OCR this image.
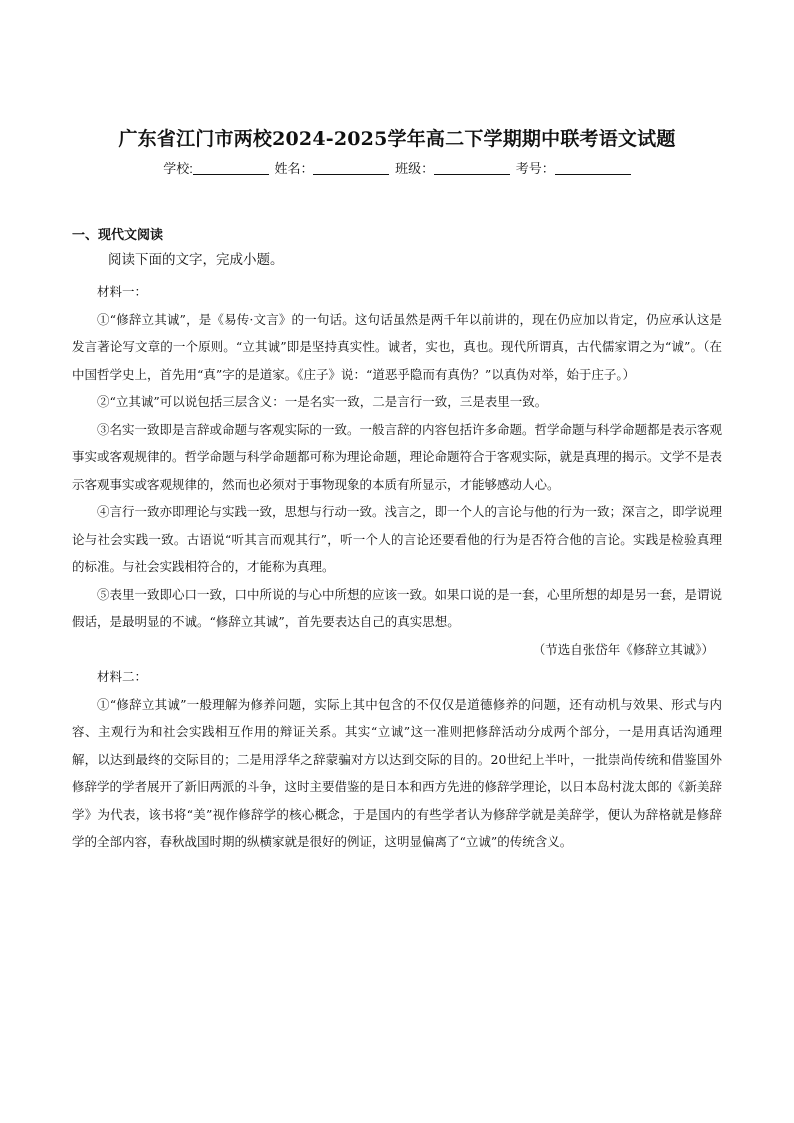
广东省江门市两校2024-2025学年高二下学期期中联考语文试题
学校:	姓名：	班级：	考号：
一、现代文阅读
阅读下面的文字，完成小题。

材料一：

①“修辞立其诚”，是《易传·文言》的一句话。这句话虽然是两千年以前讲的，现在仍应加以肯定，仍应承认这是发言著论写文章的一个原则。“立其诚”即是坚持真实性。诚者，实也，真也。现代所谓真，古代儒家谓之为“诚”。（在中国哲学史上，首先用“真”字的是道家。《庄子》说：“道恶乎隐而有真伪？”以真伪对举，始于庄子。）

②“立其诚”可以说包括三层含义：一是名实一致，二是言行一致，三是表里一致。

③名实一致即是言辞或命题与客观实际的一致。一般言辞的内容包括许多命题。哲学命题与科学命题都是表示客观事实或客观规律的。哲学命题与科学命题都可称为理论命题，理论命题符合于客观实际，就是真理的揭示。文学不是表示客观事实或客观规律的，然而也必须对于事物现象的本质有所显示，才能够感动人心。

④言行一致亦即理论与实践一致，思想与行动一致。浅言之，即一个人的言论与他的行为一致；深言之，即学说理论与社会实践一致。古语说“听其言而观其行”，听一个人的言论还要看他的行为是否符合他的言论。实践是检验真理的标准。与社会实践相符合的，才能称为真理。

⑤表里一致即心口一致，口中所说的与心中所想的应该一致。如果口说的是一套，心里所想的却是另一套，是谓说假话，是最明显的不诚。“修辞立其诚”，首先要表达自己的真实思想。

（节选自张岱年《修辞立其诚》）

材料二：

①“修辞立其诚”一般理解为修养问题，实际上其中包含的不仅仅是道德修养的问题，还有动机与效果、形式与内容、主观行为和社会实践相互作用的辩证关系。其实“立诚”这一准则把修辞活动分成两个部分，一是用真话沟通理解，以达到最终的交际目的；二是用浮华之辞蒙骗对方以达到交际的目的。20世纪上半叶，一批崇尚传统和借鉴国外修辞学的学者展开了新旧两派的斗争，这时主要借鉴的是日本和西方先进的修辞学理论，以日本岛村泷太郎的《新美辞学》为代表，该书将“美”视作修辞学的核心概念，于是国内的有些学者认为修辞学就是美辞学，便认为辞格就是修辞学的全部内容，春秋战国时期的纵横家就是很好的例证，这明显偏离了“立诚”的传统含义。
